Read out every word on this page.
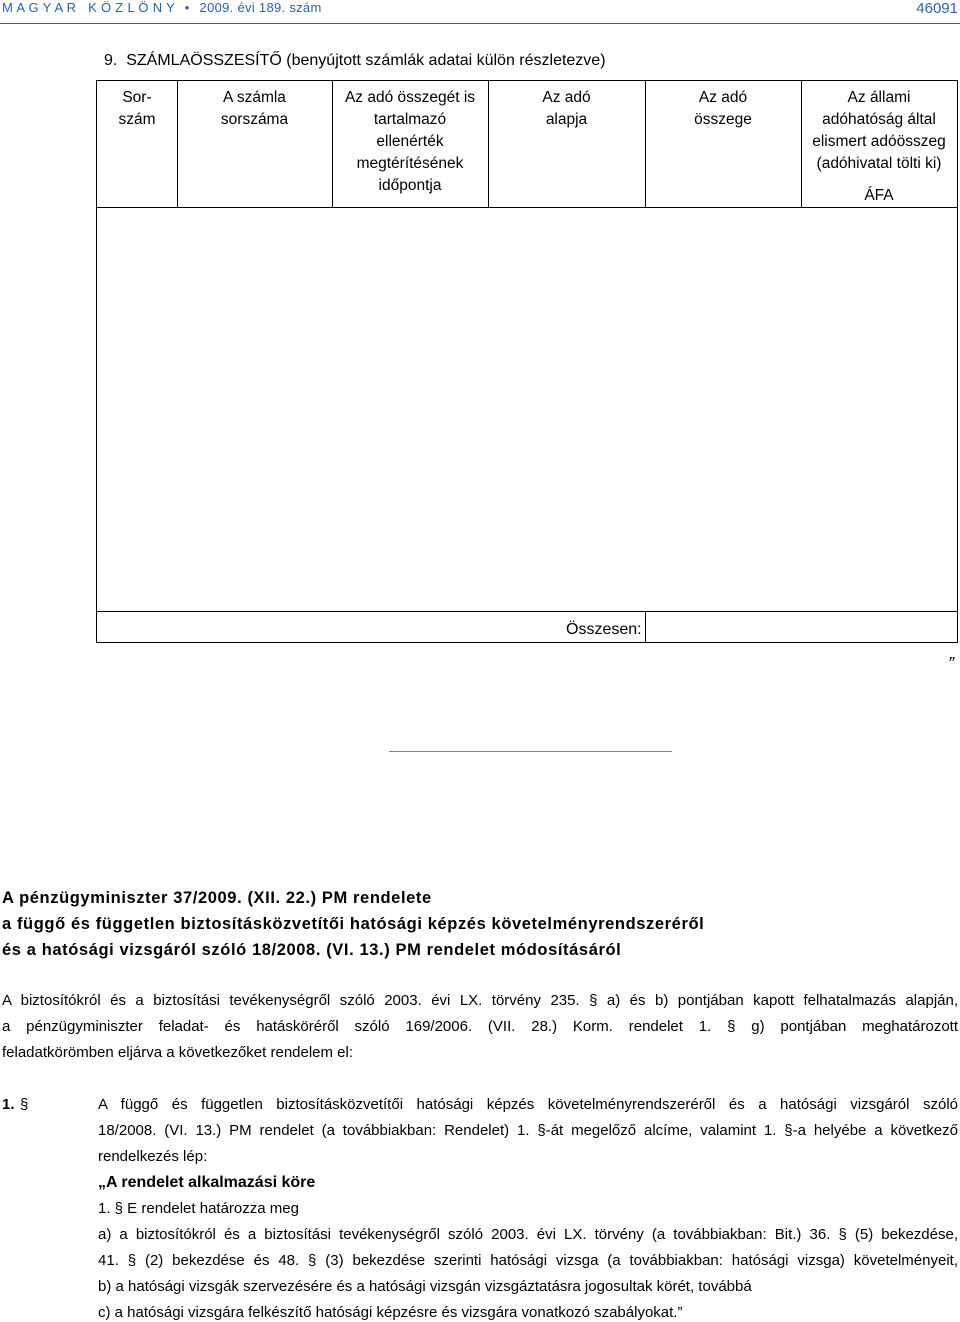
M A G Y A R   K Ö Z L Ö N Y • 2009. évi 189. szám	46091
9.  SZÁMLAÖSSZESÍTŐ (benyújtott számlák adatai külön részletezve)
Sor-
szám
A számla
sorszáma
Az adó összegét is
tartalmazó
ellenérték
megtérítésének
időpontja
Az adó
alapja
Az adó
összege
Az állami
adóhatóság által
elismert adóösszeg
(adóhivatal tölti ki)
ÁFA
Összesen:
”
A pénzügyminiszter 37/2009. (XII. 22.) PM rendelete
a függő és független biztosításközvetítői hatósági képzés követelményrendszeréről
és a hatósági vizsgáról szóló 18/2008. (VI. 13.) PM rendelet módosításáról
A biztosítókról és a biztosítási tevékenységről szóló 2003. évi LX. törvény 235. § a) és b) pontjában kapott felhatalmazás alapján,
a pénzügyminiszter feladat- és hatásköréről szóló 169/2006. (VII. 28.) Korm. rendelet 1. § g) pontjában meghatározott
feladatkörömben eljárva a következőket rendelem el:
1. §	A függő és független biztosításközvetítői hatósági képzés követelményrendszeréről és a hatósági vizsgáról szóló
18/2008. (VI. 13.) PM rendelet (a továbbiakban: Rendelet) 1. §-át megelőző alcíme, valamint 1. §-a helyébe a következő
rendelkezés lép:
„A rendelet alkalmazási köre
1. § E rendelet határozza meg
a) a biztosítókról és a biztosítási tevékenységről szóló 2003. évi LX. törvény (a továbbiakban: Bit.) 36. § (5) bekezdése,
41. § (2) bekezdése és 48. § (3) bekezdése szerinti hatósági vizsga (a továbbiakban: hatósági vizsga) követelményeit,
b) a hatósági vizsgák szervezésére és a hatósági vizsgán vizsgáztatásra jogosultak körét, továbbá
c) a hatósági vizsgára felkészítő hatósági képzésre és vizsgára vonatkozó szabályokat.”
